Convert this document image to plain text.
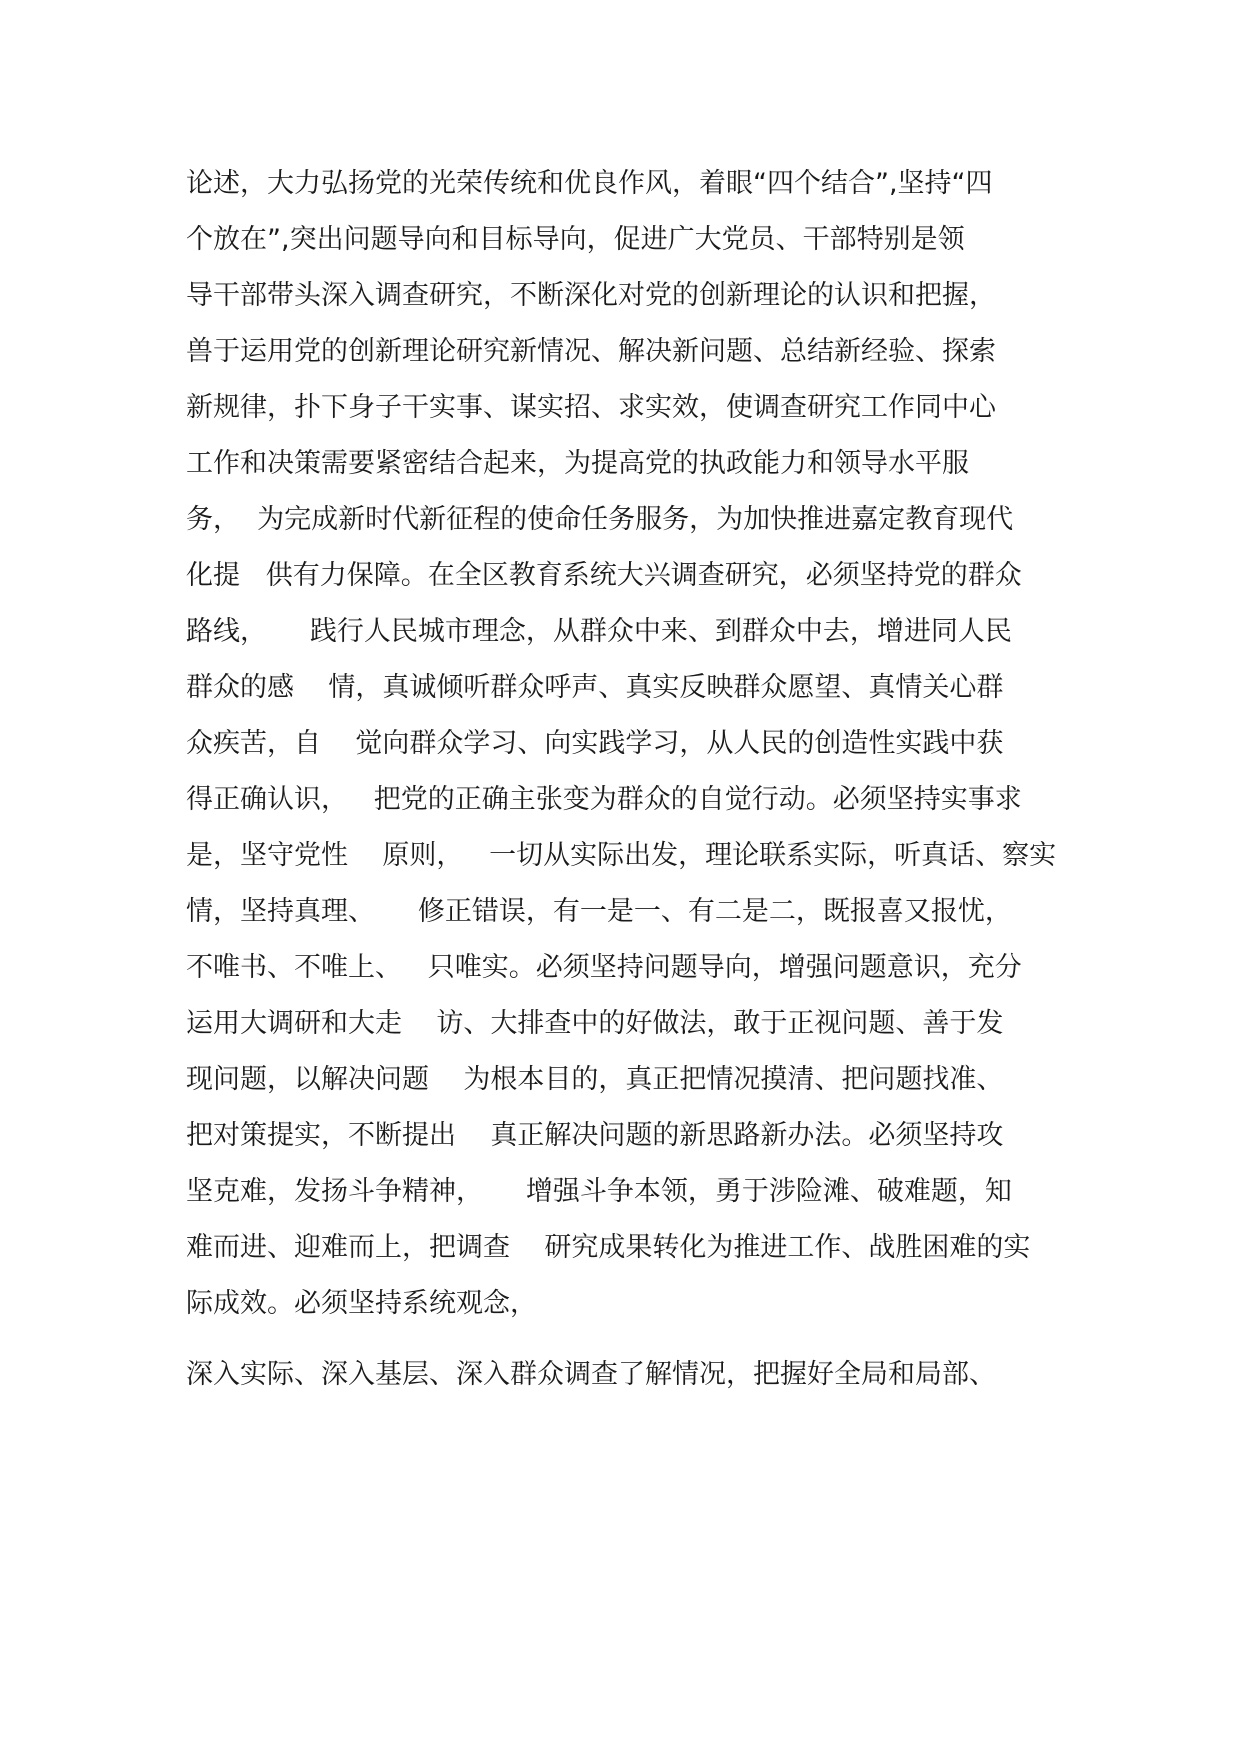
论述，大力弘扬党的光荣传统和优良作风，着眼“四个结合”,坚持“四
个放在”,突出问题导向和目标导向，促进广大党员、干部特别是领
导干部带头深入调查研究，不断深化对党的创新理论的认识和把握，
兽于运用党的创新理论研究新情况、解决新问题、总结新经验、探索
新规律，扑下身子干实事、谋实招、求实效，使调查研究工作同中心
工作和决策需要紧密结合起来，为提高党的执政能力和领导水平服
务，  为完成新时代新征程的使命任务服务，为加快推进嘉定教育现代
化提   供有力保障。在全区教育系统大兴调查研究，必须坚持党的群众
路线，     践行人民城市理念，从群众中来、到群众中去，增进同人民
群众的感    情，真诚倾听群众呼声、真实反映群众愿望、真情关心群
众疾苦，自    觉向群众学习、向实践学习，从人民的创造性实践中获
得正确认识，   把党的正确主张变为群众的自觉行动。必须坚持实事求
是，坚守党性    原则，   一切从实际出发，理论联系实际，听真话、察实
情，坚持真理、     修正错误，有一是一、有二是二，既报喜又报忧，
不唯书、不唯上、   只唯实。必须坚持问题导向，增强问题意识，充分
运用大调研和大走    访、大排查中的好做法，敢于正视问题、善于发
现问题，以解决问题    为根本目的，真正把情况摸清、把问题找准、
把对策提实，不断提出    真正解决问题的新思路新办法。必须坚持攻
坚克难，发扬斗争精神，     增强斗争本领，勇于涉险滩、破难题，知
难而进、迎难而上，把调查    研究成果转化为推进工作、战胜困难的实
际成效。必须坚持系统观念，
深入实际、深入基层、深入群众调查了解情况，把握好全局和局部、
